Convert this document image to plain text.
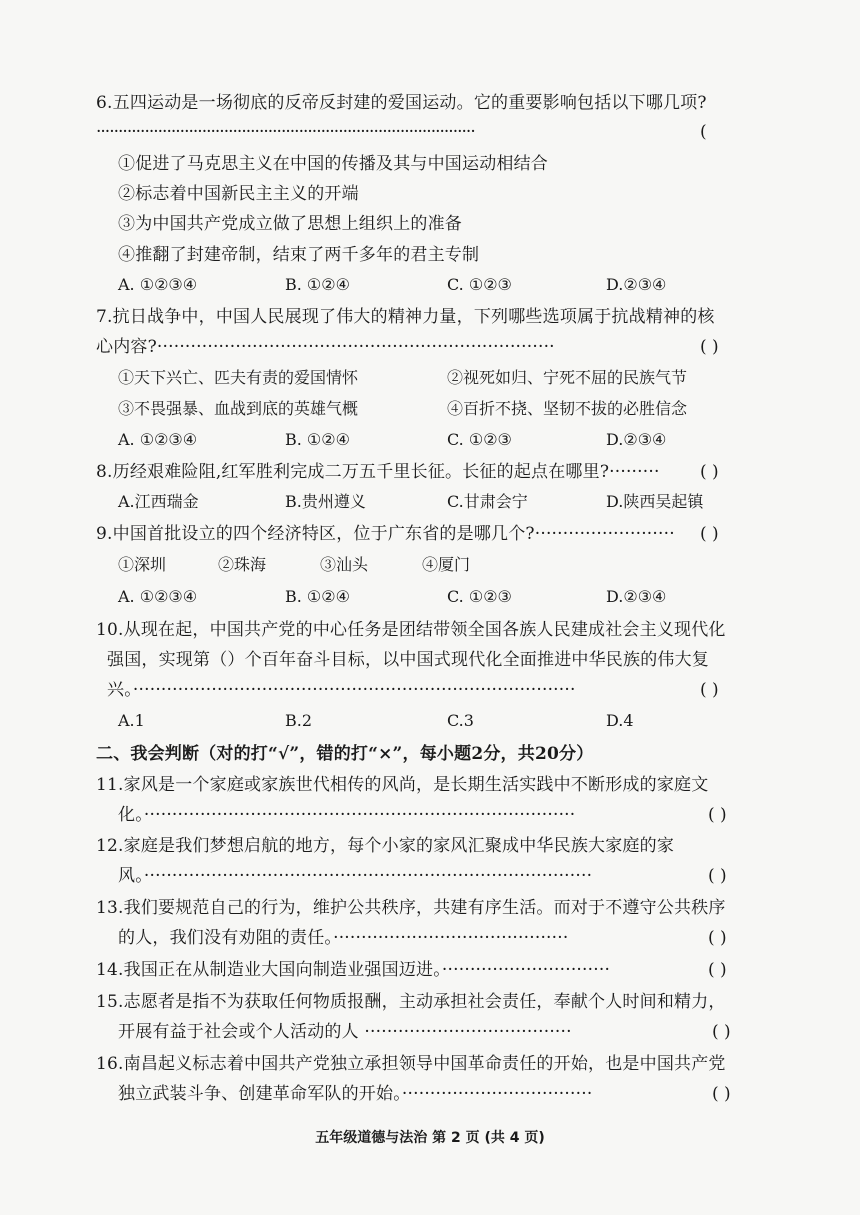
6.五四运动是一场彻底的反帝反封建的爱国运动。它的重要影响包括以下哪几项?
······················································································	(
①促进了马克思主义在中国的传播及其与中国运动相结合
②标志着中国新民主主义的开端
③为中国共产党成立做了思想上组织上的准备
④推翻了封建帝制，结束了两千多年的君主专制
A. ①②③④	B. ①②④	C. ①②③	D.②③④
7.抗日战争中，中国人民展现了伟大的精神力量，下列哪些选项属于抗战精神的核
心内容?·······································································	( )
①天下兴亡、匹夫有责的爱国情怀	②视死如归、宁死不屈的民族气节
③不畏强暴、血战到底的英雄气概	④百折不挠、坚韧不拔的必胜信念
A. ①②③④	B. ①②④	C. ①②③	D.②③④
8.历经艰难险阻,红军胜利完成二万五千里长征。长征的起点在哪里?·········	( )
A.江西瑞金	B.贵州遵义	C.甘肃会宁	D.陕西吴起镇
9.中国首批设立的四个经济特区，位于广东省的是哪几个?·························	( )
①深圳	②珠海	③汕头	④厦门
A. ①②③④	B. ①②④	C. ①②③	D.②③④
10.从现在起，中国共产党的中心任务是团结带领全国各族人民建成社会主义现代化
强国，实现第（）个百年奋斗目标，以中国式现代化全面推进中华民族的伟大复
兴。···············································································	( )
A.1	B.2	C.3	D.4
二、我会判断（对的打“√”，错的打“×”，每小题2分，共20分）
11.家风是一个家庭或家族世代相传的风尚，是长期生活实践中不断形成的家庭文
化。·············································································	( )
12.家庭是我们梦想启航的地方，每个小家的家风汇聚成中华民族大家庭的家
风。················································································	( )
13.我们要规范自己的行为，维护公共秩序，共建有序生活。而对于不遵守公共秩序
的人，我们没有劝阻的责任。··········································	( )
14.我国正在从制造业大国向制造业强国迈进。······························	( )
15.志愿者是指不为获取任何物质报酬，主动承担社会责任，奉献个人时间和精力，
开展有益于社会或个人活动的人 ·····································	( )
16.南昌起义标志着中国共产党独立承担领导中国革命责任的开始，也是中国共产党
独立武装斗争、创建革命军队的开始。··································	( )
五年级道德与法治 第 2 页 (共 4 页)
